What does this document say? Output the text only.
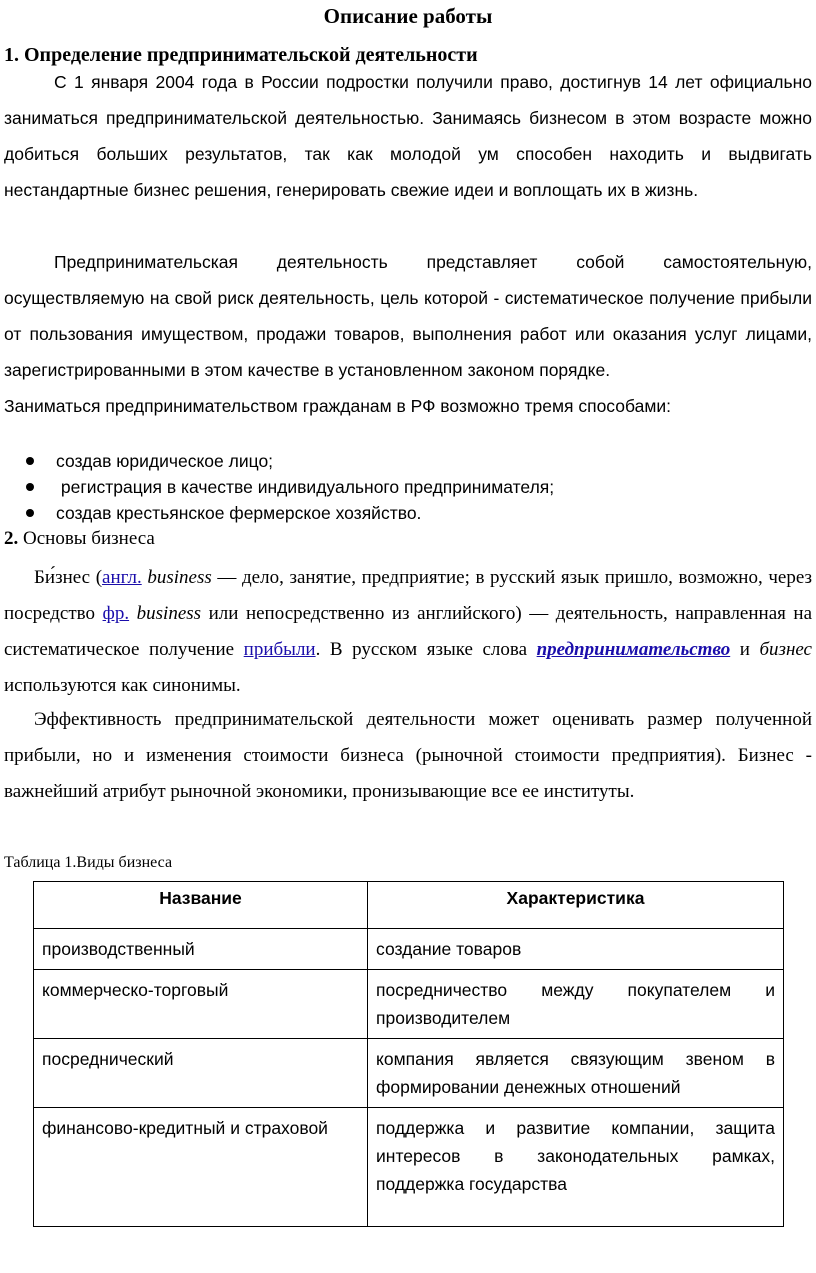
Описание работы
1. Определение предпринимательской деятельности
С 1 января 2004 года в России подростки получили право, достигнув 14 лет официально заниматься предпринимательской деятельностью. Занимаясь бизнесом в этом возрасте можно добиться больших результатов, так как молодой ум способен находить и выдвигать нестандартные бизнес решения, генерировать свежие идеи и воплощать их в жизнь.
Предпринимательская деятельность представляет собой самостоятельную, осуществляемую на свой риск деятельность, цель которой - систематическое получение прибыли от пользования имуществом, продажи товаров, выполнения работ или оказания услуг лицами, зарегистрированными в этом качестве в установленном законом порядке.
Заниматься предпринимательством гражданам в РФ возможно тремя способами:
создав юридическое лицо;
регистрация в качестве индивидуального предпринимателя;
создав крестьянское фермерское хозяйство.
2. Основы бизнеса
Би́знес (англ. business — дело, занятие, предприятие; в русский язык пришло, возможно, через посредство фр. business или непосредственно из английского) — деятельность, направленная на систематическое получение прибыли. В русском языке слова предпринимательство и бизнес используются как синонимы.
Эффективность предпринимательской деятельности может оценивать размер полученной прибыли, но и изменения стоимости бизнеса (рыночной стоимости предприятия). Бизнес - важнейший атрибут рыночной экономики, пронизывающие все ее институты.
Таблица 1.Виды бизнеса
Название	Характеристика
производственный	создание товаров
коммерческо-торговый	посредничество между покупателем и производителем
посреднический	компания является связующим звеном в формировании денежных отношений
финансово-кредитный и страховой	поддержка и развитие компании, защита интересов в законодательных рамках, поддержка государства
